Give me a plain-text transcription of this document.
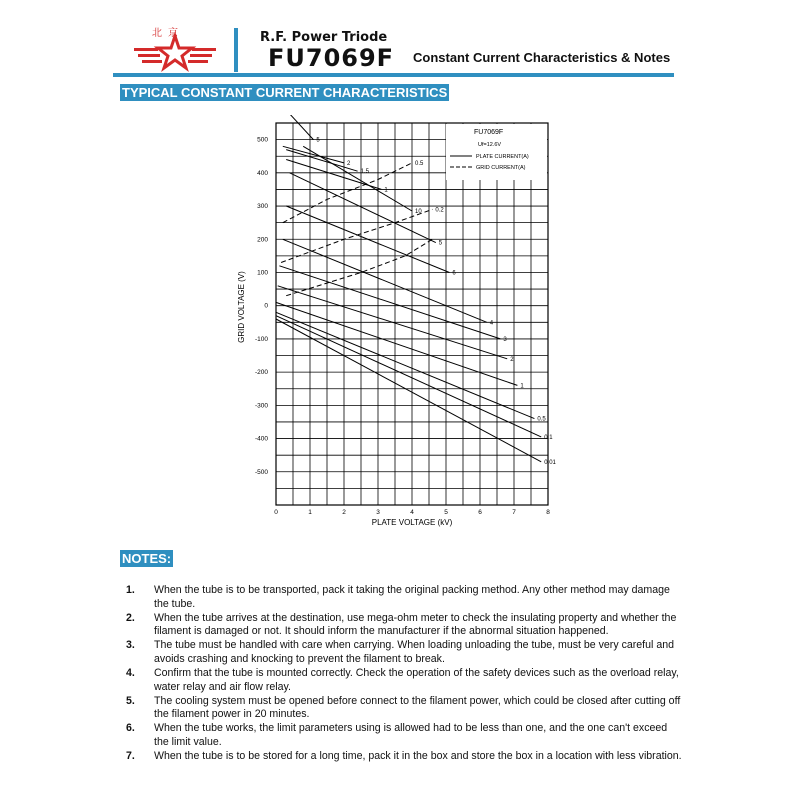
北京	R.F. Power Triode
FU7069F Constant Current Characteristics & Notes
TYPICAL CONSTANT CURRENT CHARACTERISTICS
0	1	2	3	4	5	6	7	8
500
400
300
200
100
0
-100
-200
-300
-400
-500
5
2
1.5
1
10
5
6
4
3
2
1
0.5
0.1
0.01
0.5
0.2
FU7069F
Uf=12.6V
PLATE CURRENT(A)
GRID CURRENT(A)
PLATE VOLTAGE (kV)
GRID VOLTAGE (V)
NOTES:
1. When the tube is to be transported, pack it taking the original packing method. Any other method may damage the tube.
2. When the tube arrives at the destination, use mega-ohm meter to check the insulating property and whether the filament is damaged or not. It should inform the manufacturer if the abnormal situation happened.
3. The tube must be handled with care when carrying. When loading unloading the tube, must be very careful and avoids crashing and knocking to prevent the filament to break.
4. Confirm that the tube is mounted correctly. Check the operation of the safety devices such as the overload relay, water relay and air flow relay.
5. The cooling system must be opened before connect to the filament power, which could be closed after cutting off the filament power in 20 minutes.
6. When the tube works, the limit parameters using is allowed had to be less than one, and the one can't exceed the limit value.
7. When the tube is to be stored for a long time, pack it in the box and store the box in a location with less vibration.
